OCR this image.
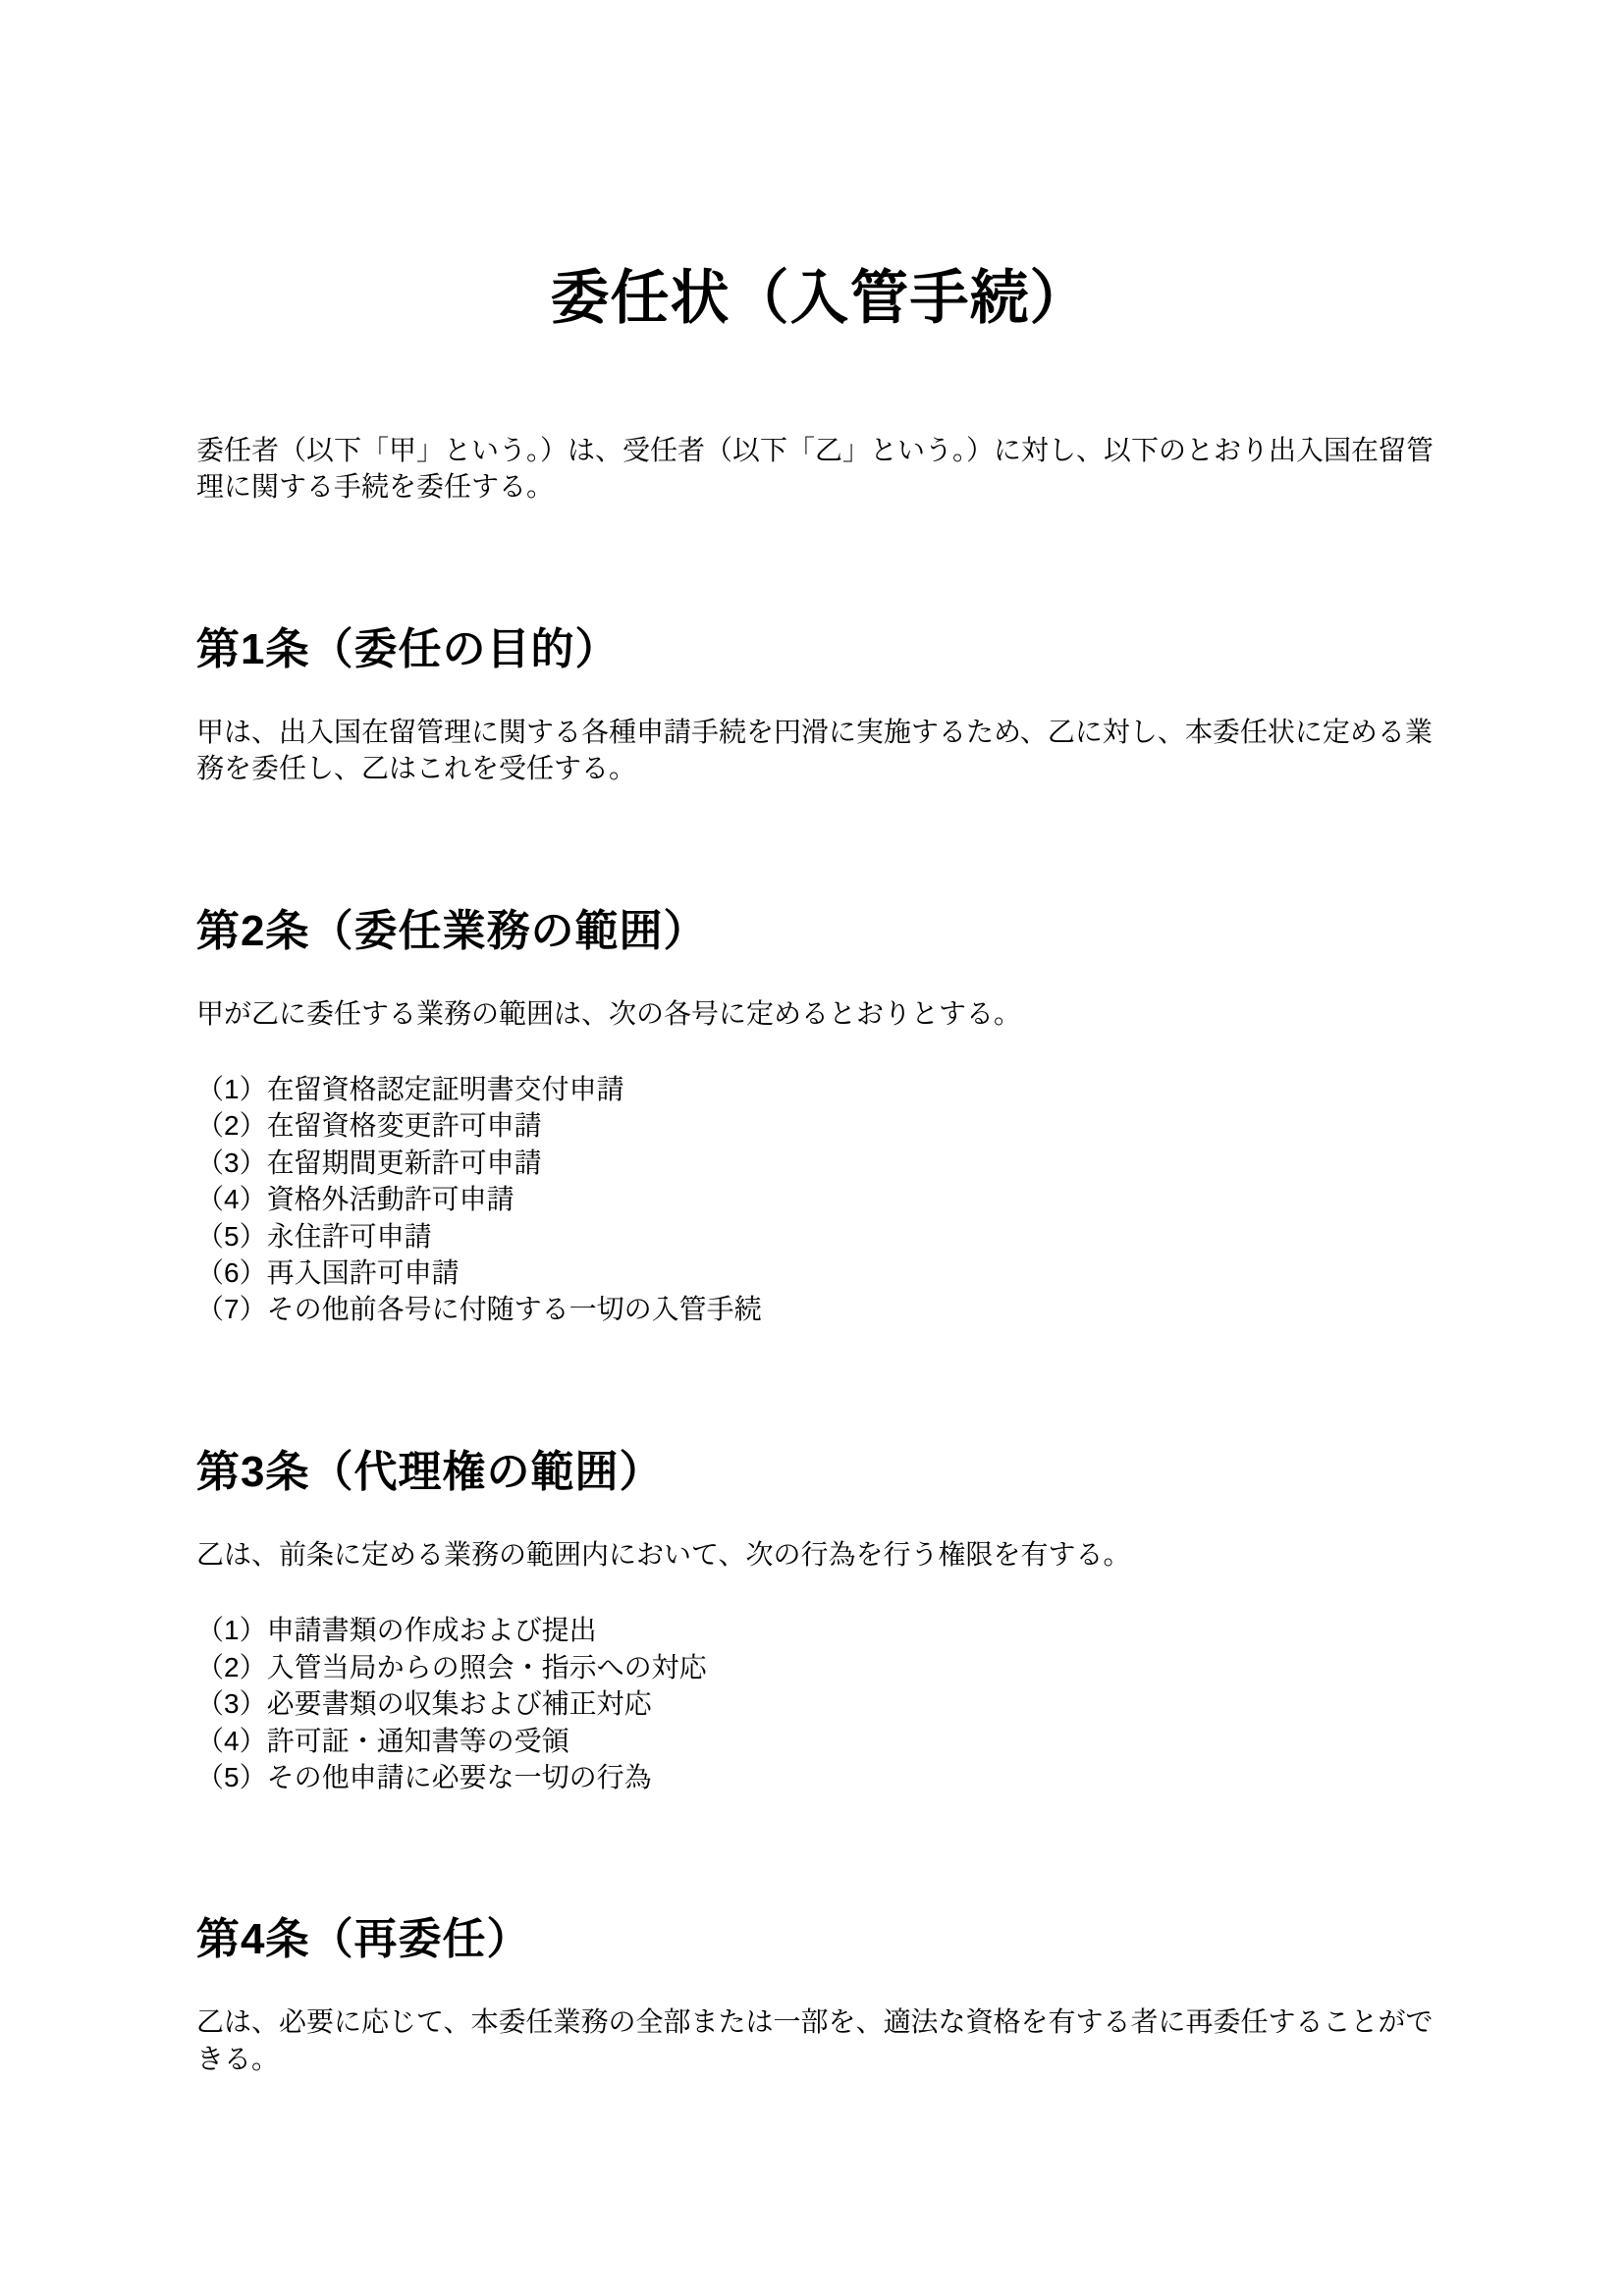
委任状（入管手続）

委任者（以下「甲」という。）は、受任者（以下「乙」という。）に対し、以下のとおり出入国在留管理に関する手続を委任する。

第1条（委任の目的）

甲は、出入国在留管理に関する各種申請手続を円滑に実施するため、乙に対し、本委任状に定める業務を委任し、乙はこれを受任する。

第2条（委任業務の範囲）

甲が乙に委任する業務の範囲は、次の各号に定めるとおりとする。

（1）在留資格認定証明書交付申請
（2）在留資格変更許可申請
（3）在留期間更新許可申請
（4）資格外活動許可申請
（5）永住許可申請
（6）再入国許可申請
（7）その他前各号に付随する一切の入管手続
第3条（代理権の範囲）

乙は、前条に定める業務の範囲内において、次の行為を行う権限を有する。

（1）申請書類の作成および提出
（2）入管当局からの照会・指示への対応
（3）必要書類の収集および補正対応
（4）許可証・通知書等の受領
（5）その他申請に必要な一切の行為
第4条（再委任）

乙は、必要に応じて、本委任業務の全部または一部を、適法な資格を有する者に再委任することができる。
